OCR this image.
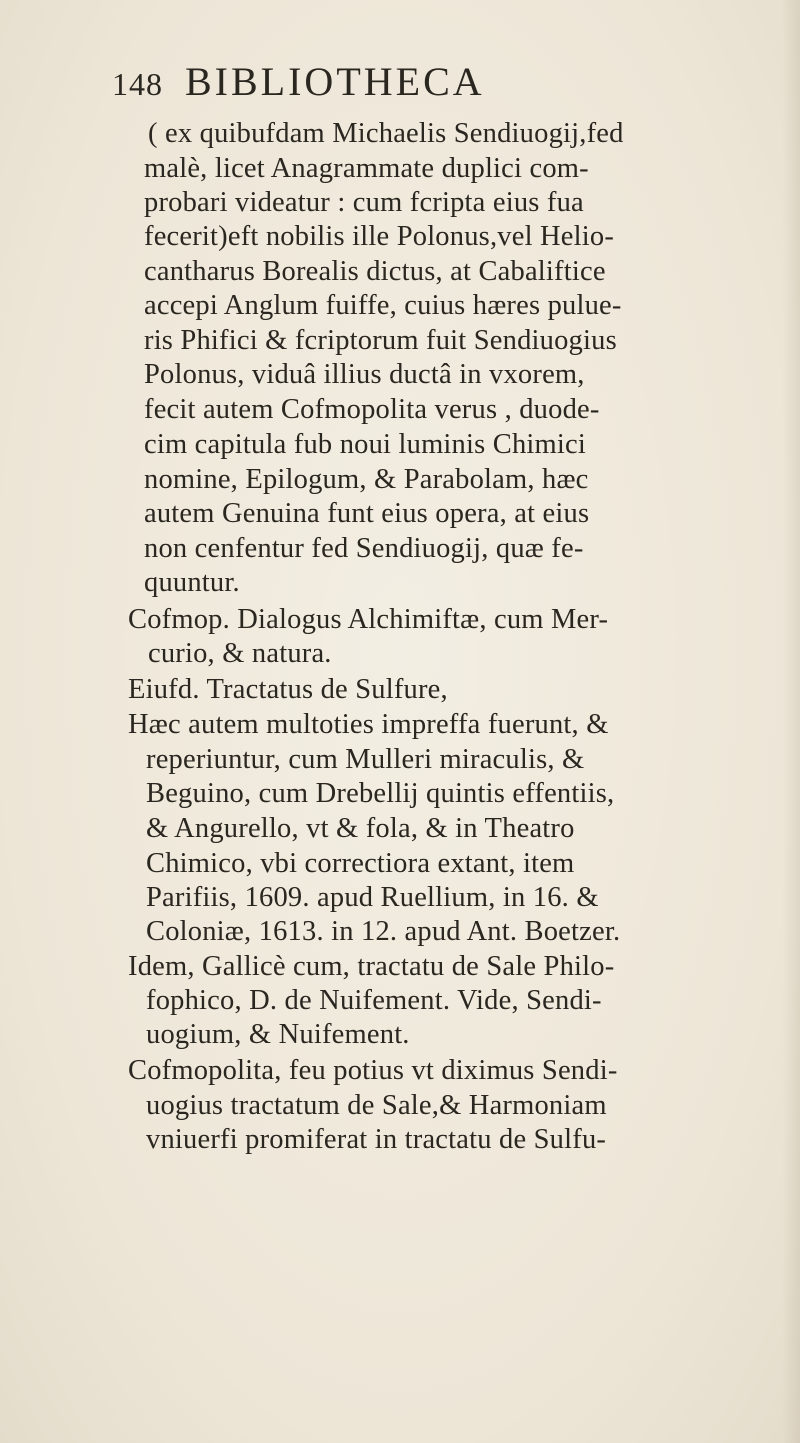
148 BIBLIOTHECA
( ex quibufdam Michaelis Sendiuogij,fed
malè, licet Anagrammate duplici com-
probari videatur : cum fcripta eius fua
fecerit)eft nobilis ille Polonus,vel Helio-
cantharus Borealis dictus, at Cabaliftice
accepi Anglum fuiffe, cuius hæres pulue-
ris Phifici & fcriptorum fuit Sendiuogius
Polonus, viduâ illius ductâ in vxorem,
fecit autem Cofmopolita verus , duode-
cim capitula fub noui luminis Chimici
nomine, Epilogum, & Parabolam, hæc
autem Genuina funt eius opera, at eius
non cenfentur fed Sendiuogij, quæ fe-
quuntur.
Cofmop. Dialogus Alchimiftæ, cum Mer-
curio, & natura.
Eiufd. Tractatus de Sulfure,
Hæc autem multoties impreffa fuerunt, &
reperiuntur, cum Mulleri miraculis, &
Beguino, cum Drebellij quintis effentiis,
& Angurello, vt & fola, & in Theatro
Chimico, vbi correctiora extant, item
Parifiis, 1609. apud Ruellium, in 16. &
Coloniæ, 1613. in 12. apud Ant. Boetzer.
Idem, Gallicè cum, tractatu de Sale Philo-
fophico, D. de Nuifement. Vide, Sendi-
uogium, & Nuifement.
Cofmopolita, feu potius vt diximus Sendi-
uogius tractatum de Sale,& Harmoniam
vniuerfi promiferat in tractatu de Sulfu-
